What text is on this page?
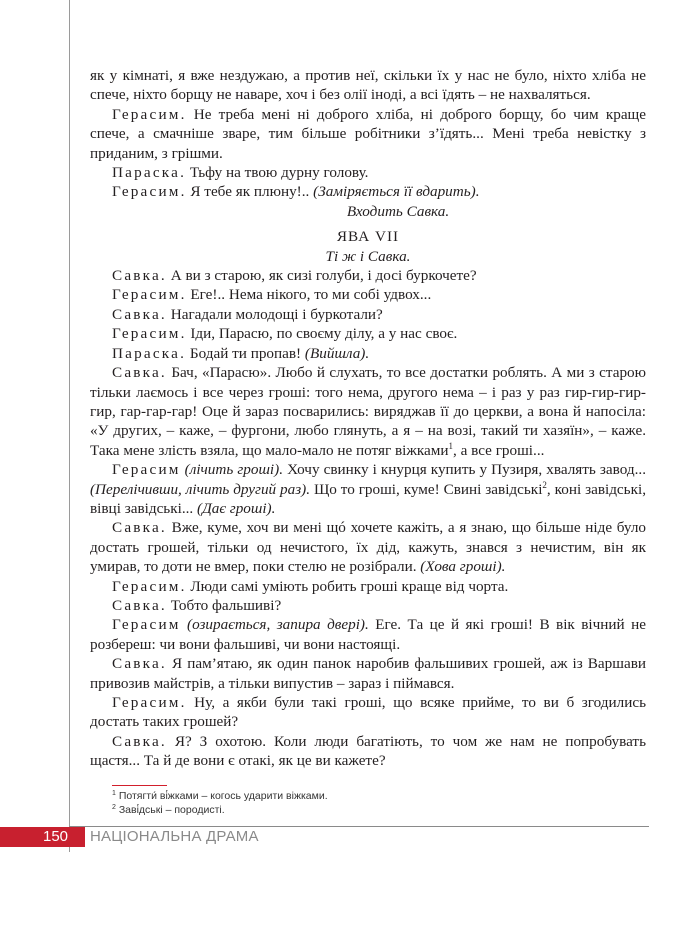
як у кімнаті, я вже нездужаю, а против неї, скільки їх у нас не було, ніхто хліба не спече, ніхто борщу не наваре, хоч і без олії іноді, а всі їдять – не нахваляться.

Герасим. Не треба мені ні доброго хліба, ні доброго борщу, бо чим краще спече, а смачніше зваре, тим більше робітники з’їдять... Мені треба невістку з приданим, з грішми.

Параска. Тьфу на твою дурну голову.

Герасим. Я тебе як плюну!.. (Заміряється її вдарить).

Входить Савка.

ЯВА VII

Ті ж і Савка.

Савка. А ви з старою, як сизі голуби, і досі буркочете?

Герасим. Еге!.. Нема нікого, то ми собі удвох...

Савка. Нагадали молодощі і буркотали?

Герасим. Іди, Парасю, по своєму ділу, а у нас своє.

Параска. Бодай ти пропав! (Вийшла).

Савка. Бач, «Парасю». Любо й слухать, то все достатки роблять. А ми з старою тільки лаємось і все через гроші: того нема, другого нема – і раз у раз гир-гир-гир-гир, гар-гар-гар! Оце й зараз посварились: виряджав її до церкви, а вона й напосіла: «У других, – каже, – фургони, любо глянуть, а я – на возі, такий ти хазяїн», – каже. Така мене злість взяла, що мало-мало не потяг віжками$^1$, а все гроші...

Герасим (лічить гроші). Хочу свинку і кнурця купить у Пузиря, хвалять завод... (Перелічивши, лічить другий раз). Що то гроші, куме! Свині завідські$^2$, коні завідські, вівці завідські... (Дає гроші).

Савка. Вже, куме, хоч ви мені щó хочете кажіть, а я знаю, що більше ніде було достать грошей, тільки од нечистого, їх дід, кажуть, знався з нечистим, він як умирав, то доти не вмер, поки стелю не розібрали. (Хова гроші).

Герасим. Люди самі уміють робить гроші краще від чорта.

Савка. Тобто фальшиві?

Герасим (озирається, запира двері). Еге. Та це й які гроші! В вік вічний не розбереш: чи вони фальшиві, чи вони настоящі.

Савка. Я пам’ятаю, як один панок наробив фальшивих грошей, аж із Варшави привозив майстрів, а тільки випустив – зараз і піймався.

Герасим. Ну, а якби були такі гроші, що всяке прийме, то ви б згодились достать таких грошей?

Савка. Я? З охотою. Коли люди багатіють, то чом же нам не попробувать щастя... Та й де вони є отакі, як це ви кажете?

$^1$ Потягти́ ві́жками – когось ударити віжками.
$^2$ Заві́дські – породисті.
150 НАЦІОНАЛЬНА ДРАМА
